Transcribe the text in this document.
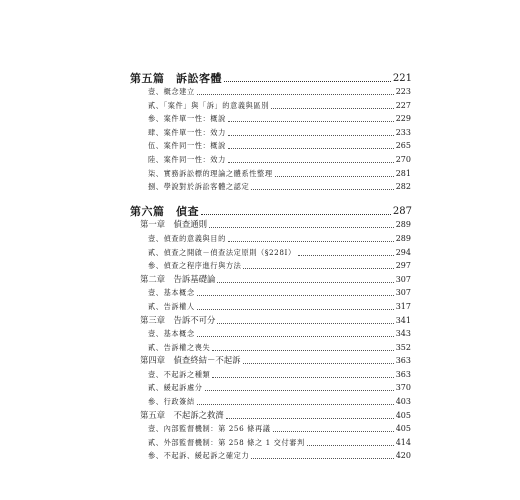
第五篇　訴訟客體	221
壹、概念建立	223
貳、「案件」與「訴」的意義與區別	227
參、案件單一性：概說	229
肆、案件單一性：效力	233
伍、案件同一性：概說	265
陸、案件同一性：效力	270
柒、實務訴訟標的理論之體系性整理	281
捌、學說對於訴訟客體之認定	282
第六篇　偵查	287
第一章　偵查通則	289
壹、偵查的意義與目的	289
貳、偵查之開啟－偵查法定原則（§228Ⅰ）	294
參、偵查之程序進行與方法	297
第二章　告訴基礎論	307
壹、基本概念	307
貳、告訴權人	317
第三章　告訴不可分	341
壹、基本概念	343
貳、告訴權之喪失	352
第四章　偵查終結－不起訴	363
壹、不起訴之種類	363
貳、緩起訴處分	370
參、行政簽結	403
第五章　不起訴之救濟	405
壹、內部監督機制：第 256 條再議	405
貳、外部監督機制：第 258 條之 1 交付審判	414
參、不起訴、緩起訴之確定力	420
